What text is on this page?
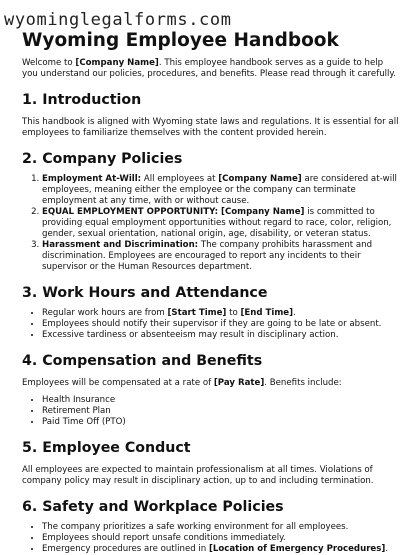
wyominglegalforms.com
Wyoming Employee Handbook

Welcome to [Company Name]. This employee handbook serves as a guide to help you understand our policies, procedures, and benefits. Please read through it carefully.

1. Introduction

This handbook is aligned with Wyoming state laws and regulations. It is essential for all employees to familiarize themselves with the content provided herein.

2. Company Policies
1. Employment At-Will: All employees at [Company Name] are considered at-will employees, meaning either the employee or the company can terminate employment at any time, with or without cause.
2. EQUAL EMPLOYMENT OPPORTUNITY: [Company Name] is committed to providing equal employment opportunities without regard to race, color, religion, gender, sexual orientation, national origin, age, disability, or veteran status.
3. Harassment and Discrimination: The company prohibits harassment and discrimination. Employees are encouraged to report any incidents to their supervisor or the Human Resources department.
3. Work Hours and Attendance
• Regular work hours are from [Start Time] to [End Time].
• Employees should notify their supervisor if they are going to be late or absent.
• Excessive tardiness or absenteeism may result in disciplinary action.
4. Compensation and Benefits

Employees will be compensated at a rate of [Pay Rate]. Benefits include:

• Health Insurance
• Retirement Plan
• Paid Time Off (PTO)
5. Employee Conduct

All employees are expected to maintain professionalism at all times. Violations of company policy may result in disciplinary action, up to and including termination.

6. Safety and Workplace Policies
• The company prioritizes a safe working environment for all employees.
• Employees should report unsafe conditions immediately.
• Emergency procedures are outlined in [Location of Emergency Procedures].
